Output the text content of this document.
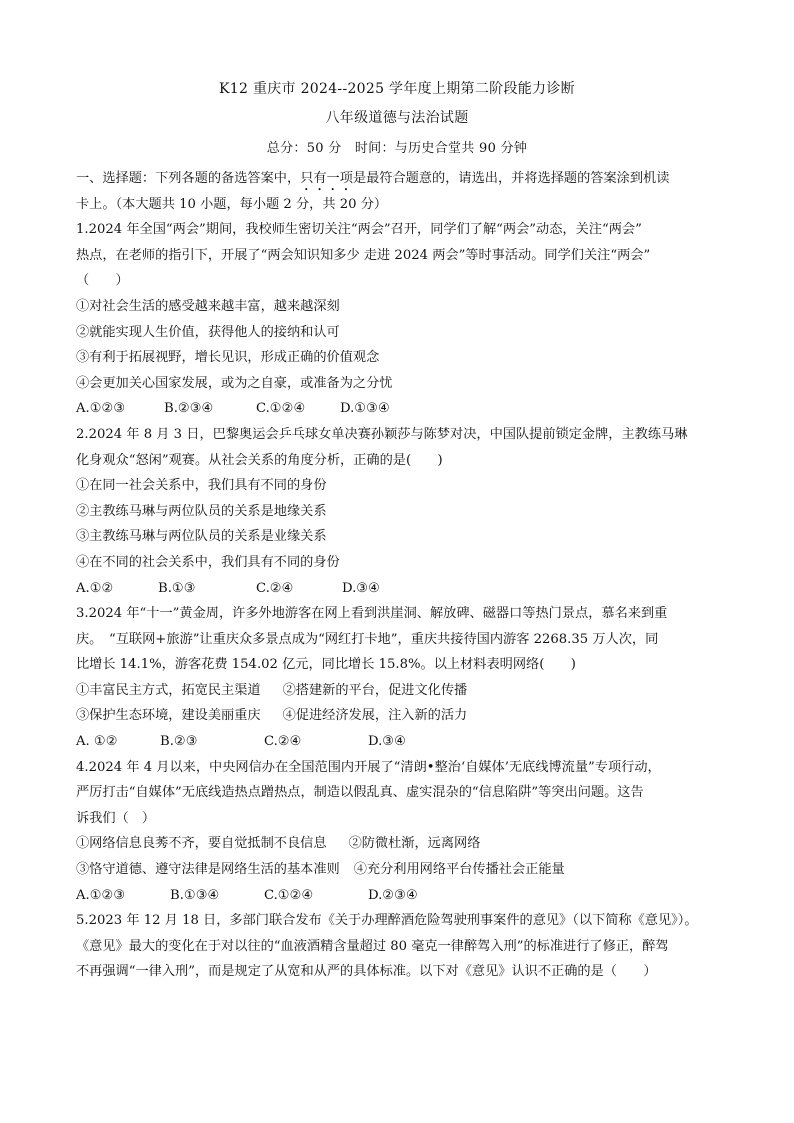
K12 重庆市 2024--2025 学年度上期第二阶段能力诊断
八年级道德与法治试题
总分：50 分　时间：与历史合堂共 90 分钟
一、选择题：下列各题的备选答案中，只有一项是最符合题意的，请选出，并将选择题的答案涂到机读
卡上。（本大题共 10 小题，每小题 2 分，共 20 分）
1.2024 年全国“两会”期间，我校师生密切关注“两会”召开，同学们了解“两会”动态，关注“两会”
热点，在老师的指引下，开展了“两会知识知多少 走进 2024 两会”等时事活动。同学们关注“两会”
（　　）
①对社会生活的感受越来越丰富，越来越深刻
②就能实现人生价值，获得他人的接纳和认可
③有利于拓展视野，增长见识，形成正确的价值观念
④会更加关心国家发展，或为之自豪，或准备为之分忧
A.①②③	B.②③④	C.①②④	D.①③④
2.2024 年 8 月 3 日，巴黎奥运会乒乓球女单决赛孙颖莎与陈梦对决，中国队提前锁定金牌，主教练马琳
化身观众“怒闲”观赛。从社会关系的角度分析，正确的是(　　)
①在同一社会关系中，我们具有不同的身份
②主教练马琳与两位队员的关系是地缘关系
③主教练马琳与两位队员的关系是业缘关系
④在不同的社会关系中，我们具有不同的身份
A.①②	B.①③	C.②④	D.③④
3.2024 年“十一”黄金周，许多外地游客在网上看到洪崖洞、解放碑、磁器口等热门景点，慕名来到重
庆。　“互联网+旅游”让重庆众多景点成为“网红打卡地”，重庆共接待国内游客 2268.35 万人次，同
比增长 14.1%，游客花费 154.02 亿元，同比增长 15.8%。以上材料表明网络(　　)
①丰富民主方式，拓宽民主渠道 ②搭建新的平台，促进文化传播
③保护生态环境，建设美丽重庆 ④促进经济发展，注入新的活力
A. ①②	B.②③	C.②④	D.③④
4.2024 年 4 月以来，中央网信办在全国范围内开展了“清朗•整治‘自媒体’无底线博流量”专项行动，
严厉打击“自媒体”无底线造热点蹭热点，制造以假乱真、虚实混杂的“信息陷阱”等突出问题。这告
诉我们（　）
①网络信息良莠不齐，要自觉抵制不良信息 ②防微杜渐，远离网络
③恪守道德、遵守法律是网络生活的基本准则 ④充分利用网络平台传播社会正能量
A.①②③	B.①③④	C.①②④	D.②③④
5.2023 年 12 月 18 日，多部门联合发布《关于办理醉酒危险驾驶刑事案件的意见》（以下简称《意见》）。
《意见》最大的变化在于对以往的“血液酒精含量超过 80 毫克一律醉驾入刑”的标准进行了修正，醉驾
不再强调“一律入刑”，而是规定了从宽和从严的具体标准。以下对《意见》认识不正确的是（　　）
